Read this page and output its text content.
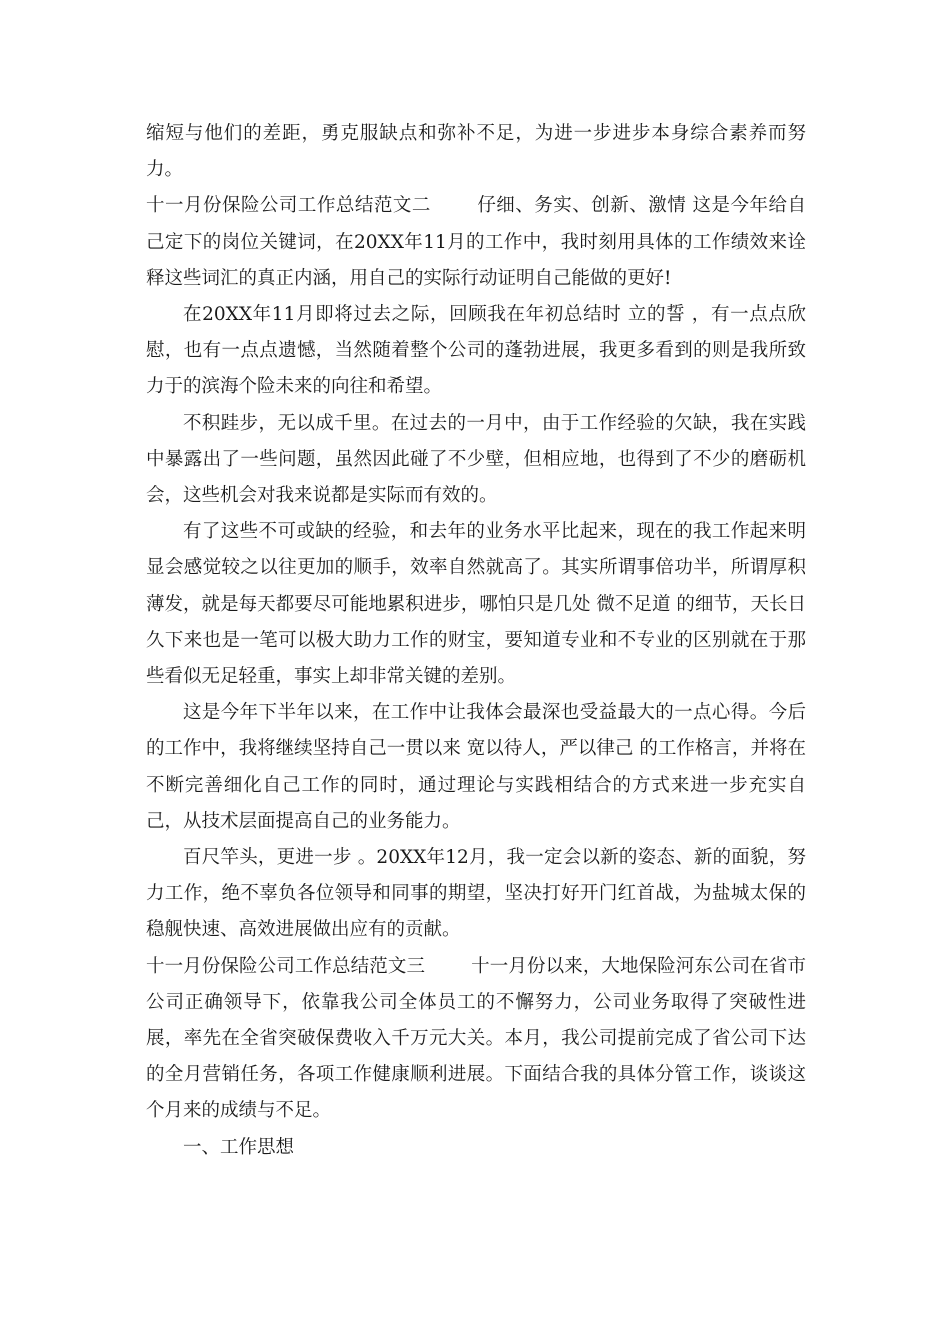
缩短与他们的差距，勇克服缺点和弥补不足，为进一步进步本身综合素养而努力。

十一月份保险公司工作总结范文二 仔细、务实、创新、激情 这是今年给自己定下的岗位关键词，在20XX年11月的工作中，我时刻用具体的工作绩效来诠释这些词汇的真正内涵，用自己的实际行动证明自己能做的更好!

在20XX年11月即将过去之际，回顾我在年初总结时 立的誓 ，有一点点欣慰，也有一点点遗憾，当然随着整个公司的蓬勃进展，我更多看到的则是我所致力于的滨海个险未来的向往和希望。

不积跬步，无以成千里。在过去的一月中，由于工作经验的欠缺，我在实践中暴露出了一些问题，虽然因此碰了不少壁，但相应地，也得到了不少的磨砺机会，这些机会对我来说都是实际而有效的。

有了这些不可或缺的经验，和去年的业务水平比起来，现在的我工作起来明显会感觉较之以往更加的顺手，效率自然就高了。其实所谓事倍功半，所谓厚积薄发，就是每天都要尽可能地累积进步，哪怕只是几处 微不足道 的细节，天长日久下来也是一笔可以极大助力工作的财宝，要知道专业和不专业的区别就在于那些看似无足轻重，事实上却非常关键的差别。

这是今年下半年以来，在工作中让我体会最深也受益最大的一点心得。今后的工作中，我将继续坚持自己一贯以来 宽以待人，严以律己 的工作格言，并将在不断完善细化自己工作的同时，通过理论与实践相结合的方式来进一步充实自己，从技术层面提高自己的业务能力。

百尺竿头，更进一步 。20XX年12月，我一定会以新的姿态、新的面貌，努力工作，绝不辜负各位领导和同事的期望，坚决打好开门红首战，为盐城太保的稳舰快速、高效进展做出应有的贡献。

十一月份保险公司工作总结范文三 十一月份以来，大地保险河东公司在省市公司正确领导下，依靠我公司全体员工的不懈努力，公司业务取得了突破性进展，率先在全省突破保费收入千万元大关。本月，我公司提前完成了省公司下达的全月营销任务，各项工作健康顺利进展。下面结合我的具体分管工作，谈谈这个月来的成绩与不足。

一、工作思想
